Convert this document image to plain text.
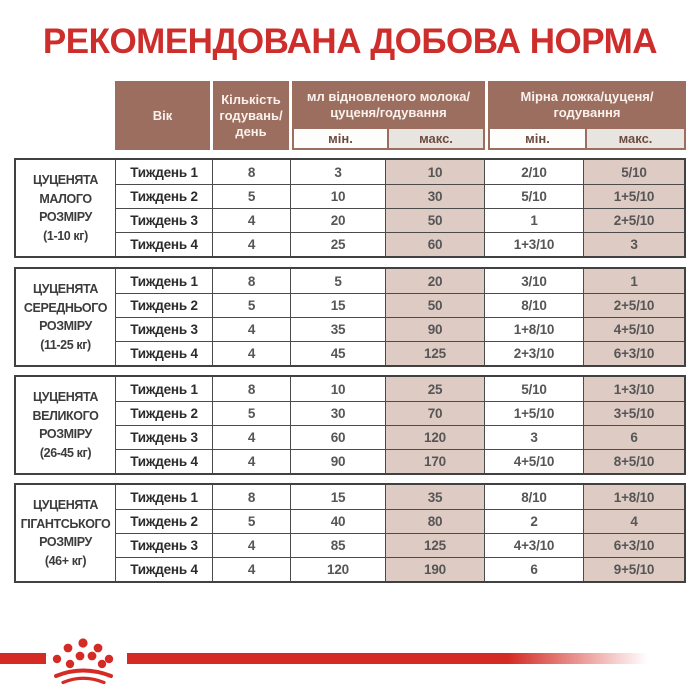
РЕКОМЕНДОВАНА ДОБОВА НОРМА
Вік
Кількість годувань/день
мл відновленого молока/цуценя/годування
мін.	макс.
Мірна ложка/цуценя/годування
мін.	макс.
ЦУЦЕНЯТА
МАЛОГО
РОЗМІРУ
(1-10 кг)
Тиждень 1	8	3	10	2/10	5/10
Тиждень 2	5	10	30	5/10	1+5/10
Тиждень 3	4	20	50	1	2+5/10
Тиждень 4	4	25	60	1+3/10	3
ЦУЦЕНЯТА
СЕРЕДНЬОГО
РОЗМІРУ
(11-25 кг)
Тиждень 1	8	5	20	3/10	1
Тиждень 2	5	15	50	8/10	2+5/10
Тиждень 3	4	35	90	1+8/10	4+5/10
Тиждень 4	4	45	125	2+3/10	6+3/10
ЦУЦЕНЯТА
ВЕЛИКОГО
РОЗМІРУ
(26-45 кг)
Тиждень 1	8	10	25	5/10	1+3/10
Тиждень 2	5	30	70	1+5/10	3+5/10
Тиждень 3	4	60	120	3	6
Тиждень 4	4	90	170	4+5/10	8+5/10
ЦУЦЕНЯТА
ГІГАНТСЬКОГО
РОЗМІРУ
(46+ кг)
Тиждень 1	8	15	35	8/10	1+8/10
Тиждень 2	5	40	80	2	4
Тиждень 3	4	85	125	4+3/10	6+3/10
Тиждень 4	4	120	190	6	9+5/10
